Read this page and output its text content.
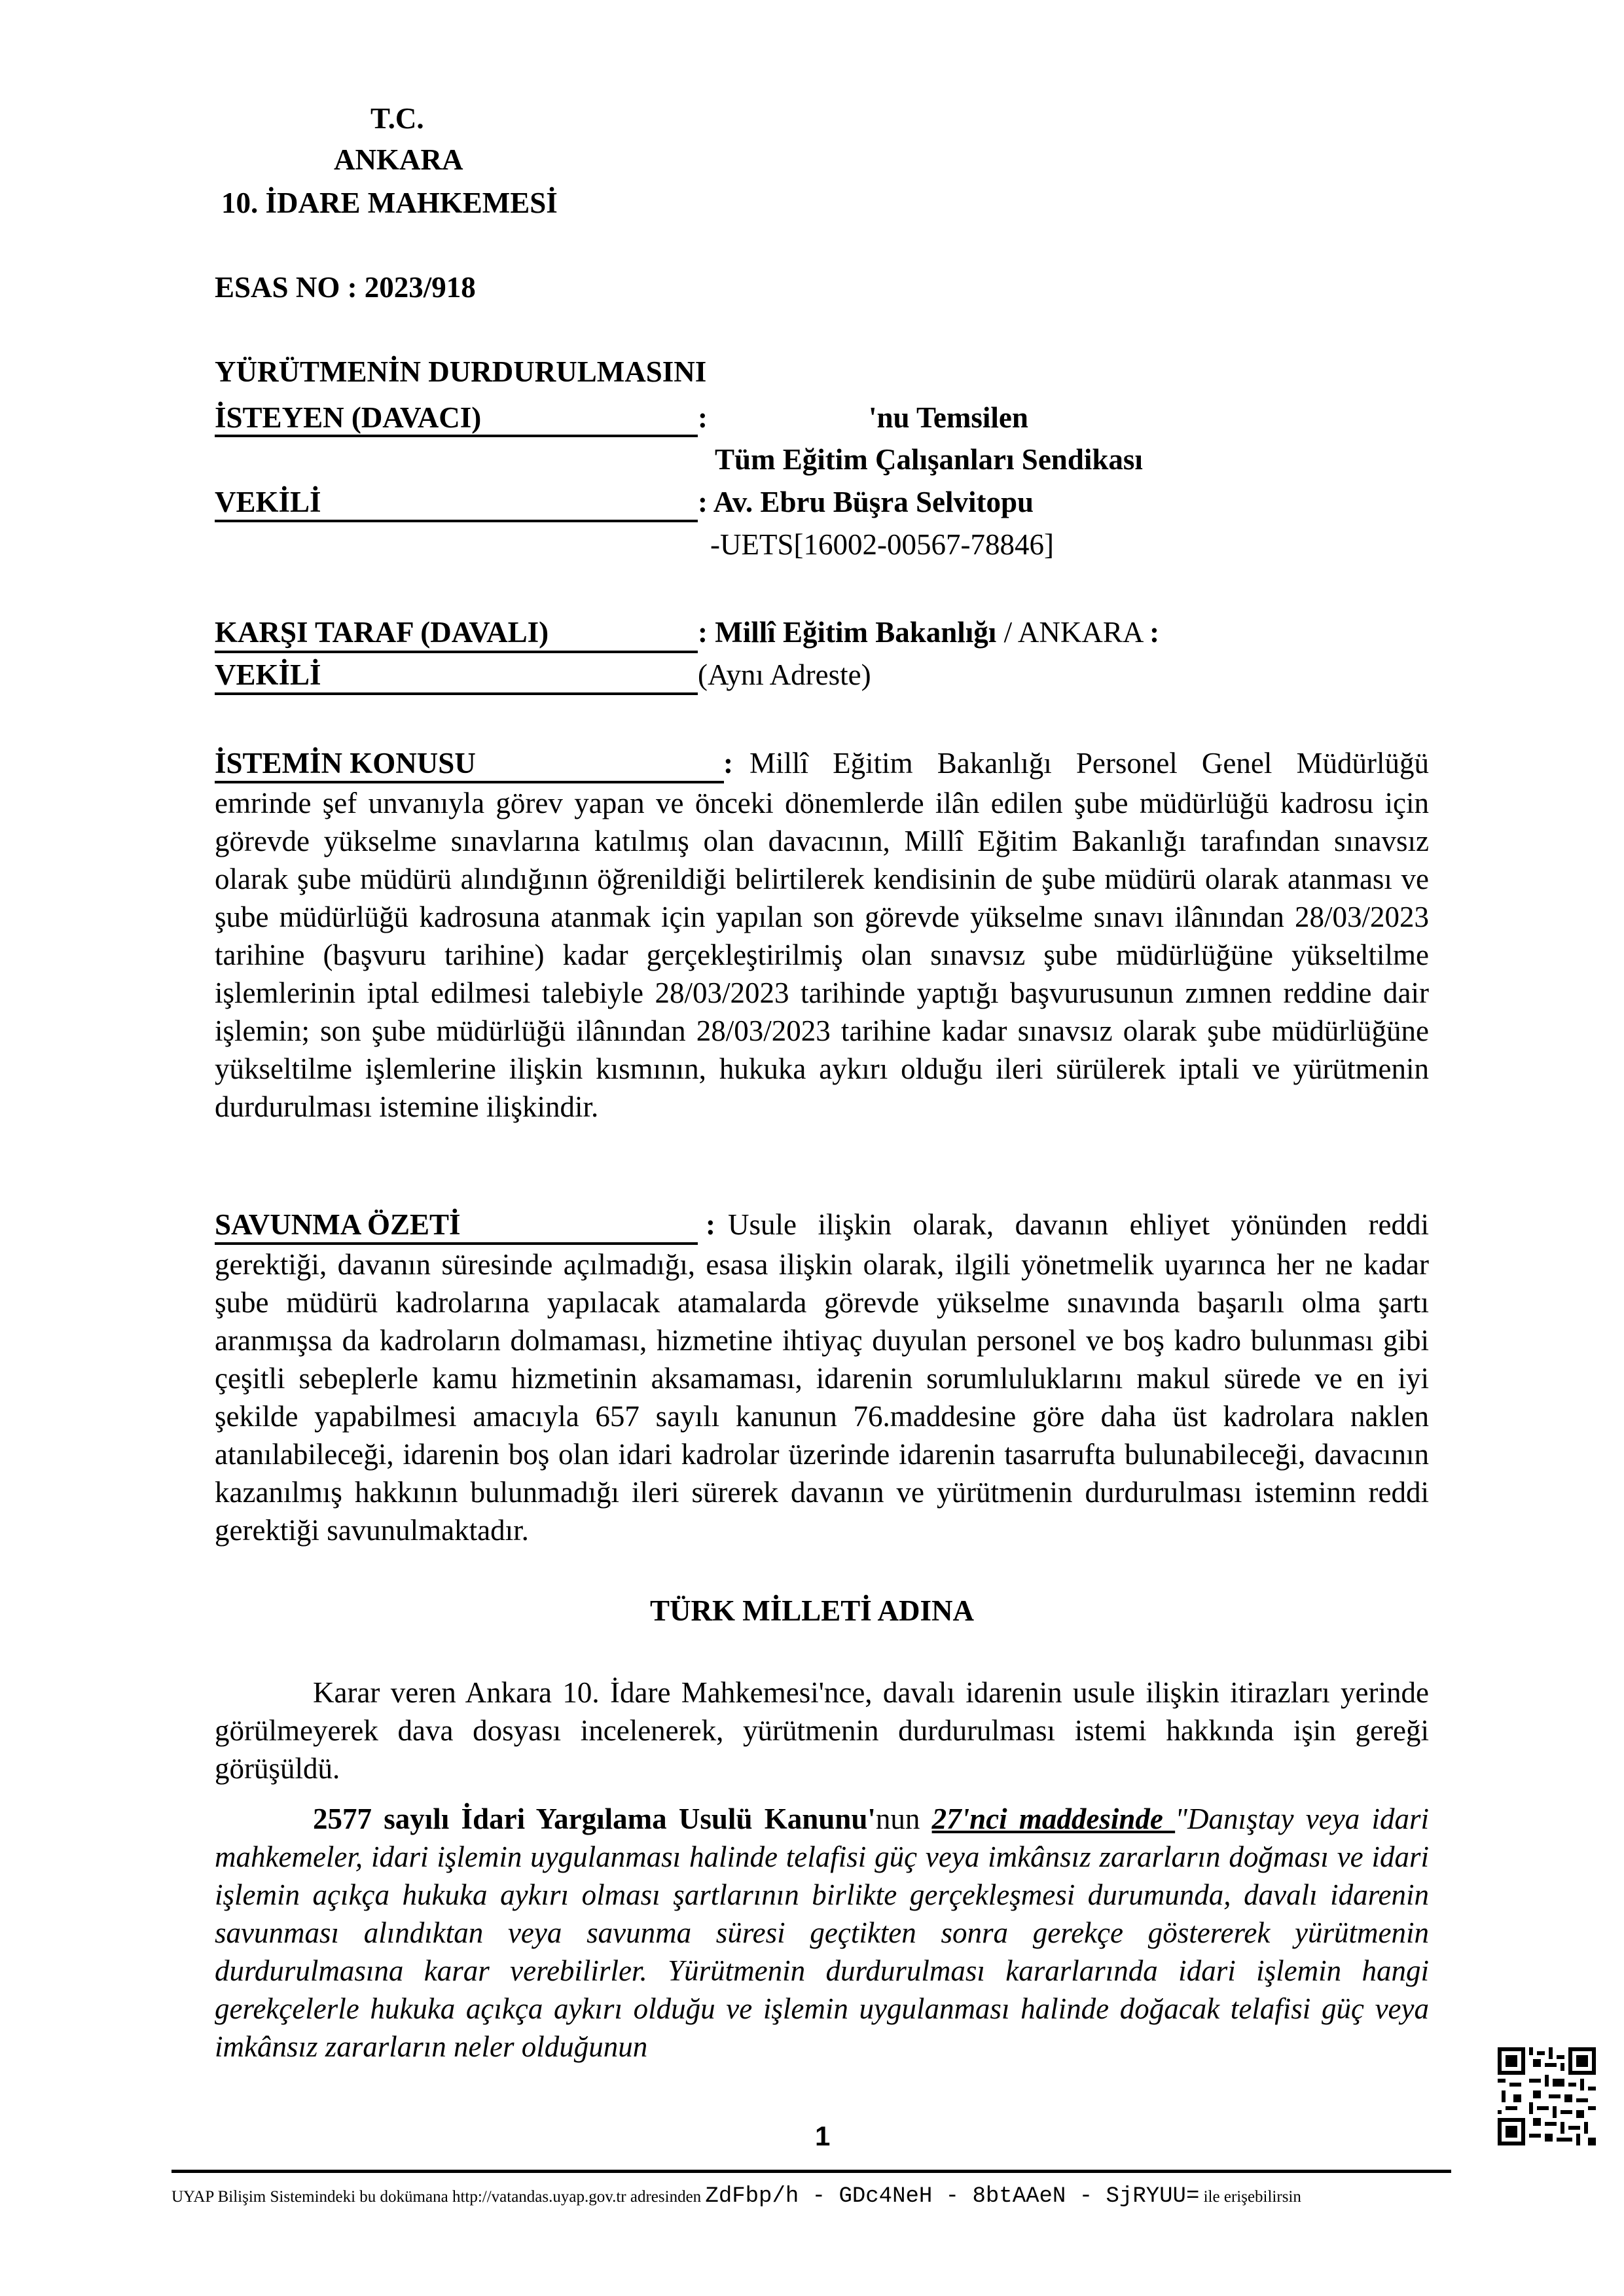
T.C.
ANKARA
10. İDARE MAHKEMESİ
ESAS NO : 2023/918
YÜRÜTMENİN DURDURULMASINI
İSTEYEN (DAVACI)	:	'nu Temsilen
Tüm Eğitim Çalışanları Sendikası
VEKİLİ	: Av. Ebru Büşra Selvitopu
-UETS[16002-00567-78846]
KARŞI TARAF (DAVALI)	: Millî Eğitim Bakanlığı / ANKARA :
VEKİLİ	(Aynı Adreste)
İSTEMİN KONUSU	: Millî Eğitim Bakanlığı Personel Genel Müdürlüğü
emrinde şef unvanıyla görev yapan ve önceki dönemlerde ilân edilen şube müdürlüğü kadrosu için görevde yükselme sınavlarına katılmış olan davacının, Millî Eğitim Bakanlığı tarafından sınavsız olarak şube müdürü alındığının öğrenildiği belirtilerek kendisinin de şube müdürü olarak atanması ve şube müdürlüğü kadrosuna atanmak için yapılan son görevde yükselme sınavı ilânından 28/03/2023 tarihine (başvuru tarihine) kadar gerçekleştirilmiş olan sınavsız şube müdürlüğüne yükseltilme işlemlerinin iptal edilmesi talebiyle 28/03/2023 tarihinde yaptığı başvurusunun zımnen reddine dair işlemin; son şube müdürlüğü ilânından 28/03/2023 tarihine kadar sınavsız olarak şube müdürlüğüne yükseltilme işlemlerine ilişkin kısmının, hukuka aykırı olduğu ileri sürülerek iptali ve yürütmenin durdurulması istemine ilişkindir.
SAVUNMA ÖZETİ	: Usule ilişkin olarak, davanın ehliyet yönünden reddi
gerektiği, davanın süresinde açılmadığı, esasa ilişkin olarak, ilgili yönetmelik uyarınca her ne kadar şube müdürü kadrolarına yapılacak atamalarda görevde yükselme sınavında başarılı olma şartı aranmışsa da kadroların dolmaması, hizmetine ihtiyaç duyulan personel ve boş kadro bulunması gibi çeşitli sebeplerle kamu hizmetinin aksamaması, idarenin sorumluluklarını makul sürede ve en iyi şekilde yapabilmesi amacıyla 657 sayılı kanunun 76.maddesine göre daha üst kadrolara naklen atanılabileceği, idarenin boş olan idari kadrolar üzerinde idarenin tasarrufta bulunabileceği, davacının kazanılmış hakkının bulunmadığı ileri sürerek davanın ve yürütmenin durdurulması isteminn reddi gerektiği savunulmaktadır.
TÜRK MİLLETİ ADINA
Karar veren Ankara 10. İdare Mahkemesi'nce, davalı idarenin usule ilişkin itirazları yerinde görülmeyerek dava dosyası incelenerek, yürütmenin durdurulması istemi hakkında işin gereği görüşüldü.
2577 sayılı İdari Yargılama Usulü Kanunu'nun 27'nci maddesinde "Danıştay veya idari mahkemeler, idari işlemin uygulanması halinde telafisi güç veya imkânsız zararların doğması ve idari işlemin açıkça hukuka aykırı olması şartlarının birlikte gerçekleşmesi durumunda, davalı idarenin savunması alındıktan veya savunma süresi geçtikten sonra gerekçe göstererek yürütmenin durdurulmasına karar verebilirler. Yürütmenin durdurulması kararlarında idari işlemin hangi gerekçelerle hukuka açıkça aykırı olduğu ve işlemin uygulanması halinde doğacak telafisi güç veya imkânsız zararların neler olduğunun
1
UYAP Bilişim Sistemindeki bu dokümana http://vatandas.uyap.gov.tr adresinden ZdFbp/h - GDc4NeH - 8btAAeN - SjRYUU= ile erişebilirsin
